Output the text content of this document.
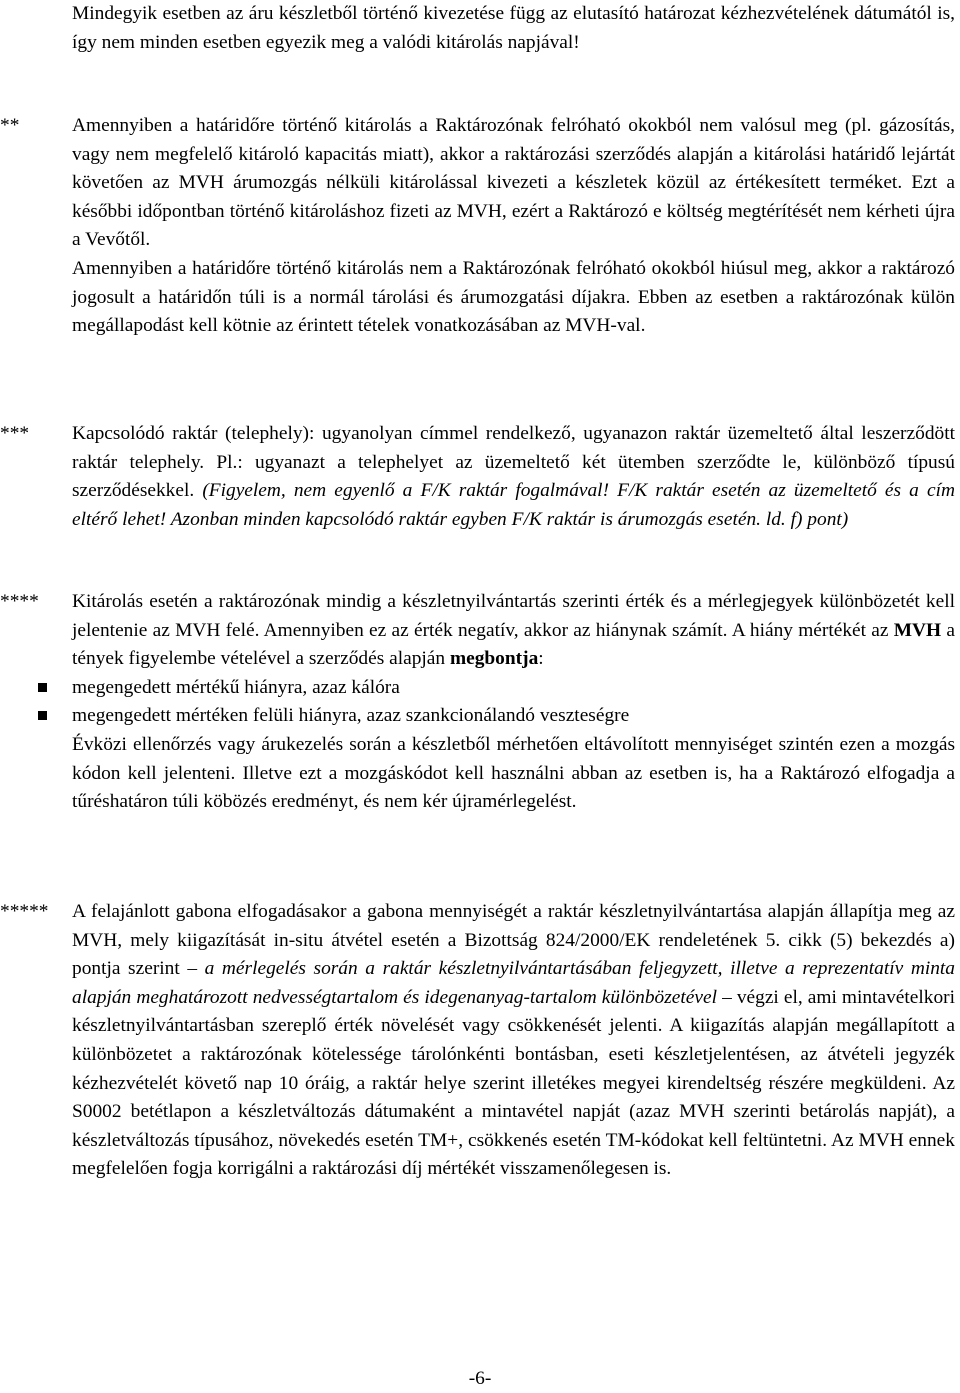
Mindegyik esetben az áru készletből történő kivezetése függ az elutasító határozat kézhezvételének dátumától is, így nem minden esetben egyezik meg a valódi kitárolás napjával!
**	Amennyiben a határidőre történő kitárolás a Raktározónak felróható okokból nem valósul meg (pl. gázosítás, vagy nem megfelelő kitároló kapacitás miatt), akkor a raktározási szerződés alapján a kitárolási határidő lejártát követően az MVH árumozgás nélküli kitárolással kivezeti a készletek közül az értékesített terméket. Ezt a későbbi időpontban történő kitároláshoz fizeti az MVH, ezért a Raktározó e költség megtérítését nem kérheti újra a Vevőtől.

Amennyiben a határidőre történő kitárolás nem a Raktározónak felróható okokból hiúsul meg, akkor a raktározó jogosult a határidőn túli is a normál tárolási és árumozgatási díjakra. Ebben az esetben a raktározónak külön megállapodást kell kötnie az érintett tételek vonatkozásában az MVH-val.

***	Kapcsolódó raktár (telephely): ugyanolyan címmel rendelkező, ugyanazon raktár üzemeltető által leszerződött raktár telephely. Pl.: ugyanazt a telephelyet az üzemeltető két ütemben szerződte le, különböző típusú szerződésekkel. (Figyelem, nem egyenlő a F/K raktár fogalmával! F/K raktár esetén az üzemeltető és a cím eltérő lehet! Azonban minden kapcsolódó raktár egyben F/K raktár is árumozgás esetén. ld. f) pont)

****	Kitárolás esetén a raktározónak mindig a készletnyilvántartás szerinti érték és a mérlegjegyek különbözetét kell jelentenie az MVH felé. Amennyiben ez az érték negatív, akkor az hiánynak számít. A hiány mértékét az MVH a tények figyelembe vételével a szerződés alapján megbontja:

megengedett mértékű hiányra, azaz kálóra
megengedett mértéken felüli hiányra, azaz szankcionálandó veszteségre

Évközi ellenőrzés vagy árukezelés során a készletből mérhetően eltávolított mennyiséget szintén ezen a mozgás kódon kell jelenteni. Illetve ezt a mozgáskódot kell használni abban az esetben is, ha a Raktározó elfogadja a tűréshatáron túli köbözés eredményt, és nem kér újramérlegelést.

*****	A felajánlott gabona elfogadásakor a gabona mennyiségét a raktár készletnyilvántartása alapján állapítja meg az MVH, mely kiigazítását in-situ átvétel esetén a Bizottság 824/2000/EK rendeletének 5. cikk (5) bekezdés a) pontja szerint – a mérlegelés során a raktár készletnyilvántartásában feljegyzett, illetve a reprezentatív minta alapján meghatározott nedvességtartalom és idegenanyag-tartalom különbözetével – végzi el, ami mintavételkori készletnyilvántartásban szereplő érték növelését vagy csökkenését jelenti. A kiigazítás alapján megállapított a különbözetet a raktározónak kötelessége tárolónkénti bontásban, eseti készletjelentésen, az átvételi jegyzék kézhezvételét követő nap 10 óráig, a raktár helye szerint illetékes megyei kirendeltség részére megküldeni. Az S0002 betétlapon a készletváltozás dátumaként a mintavétel napját (azaz MVH szerinti betárolás napját), a készletváltozás típusához, növekedés esetén TM+, csökkenés esetén TM-kódokat kell feltüntetni. Az MVH ennek megfelelően fogja korrigálni a raktározási díj mértékét visszamenőlegesen is.

-6-
